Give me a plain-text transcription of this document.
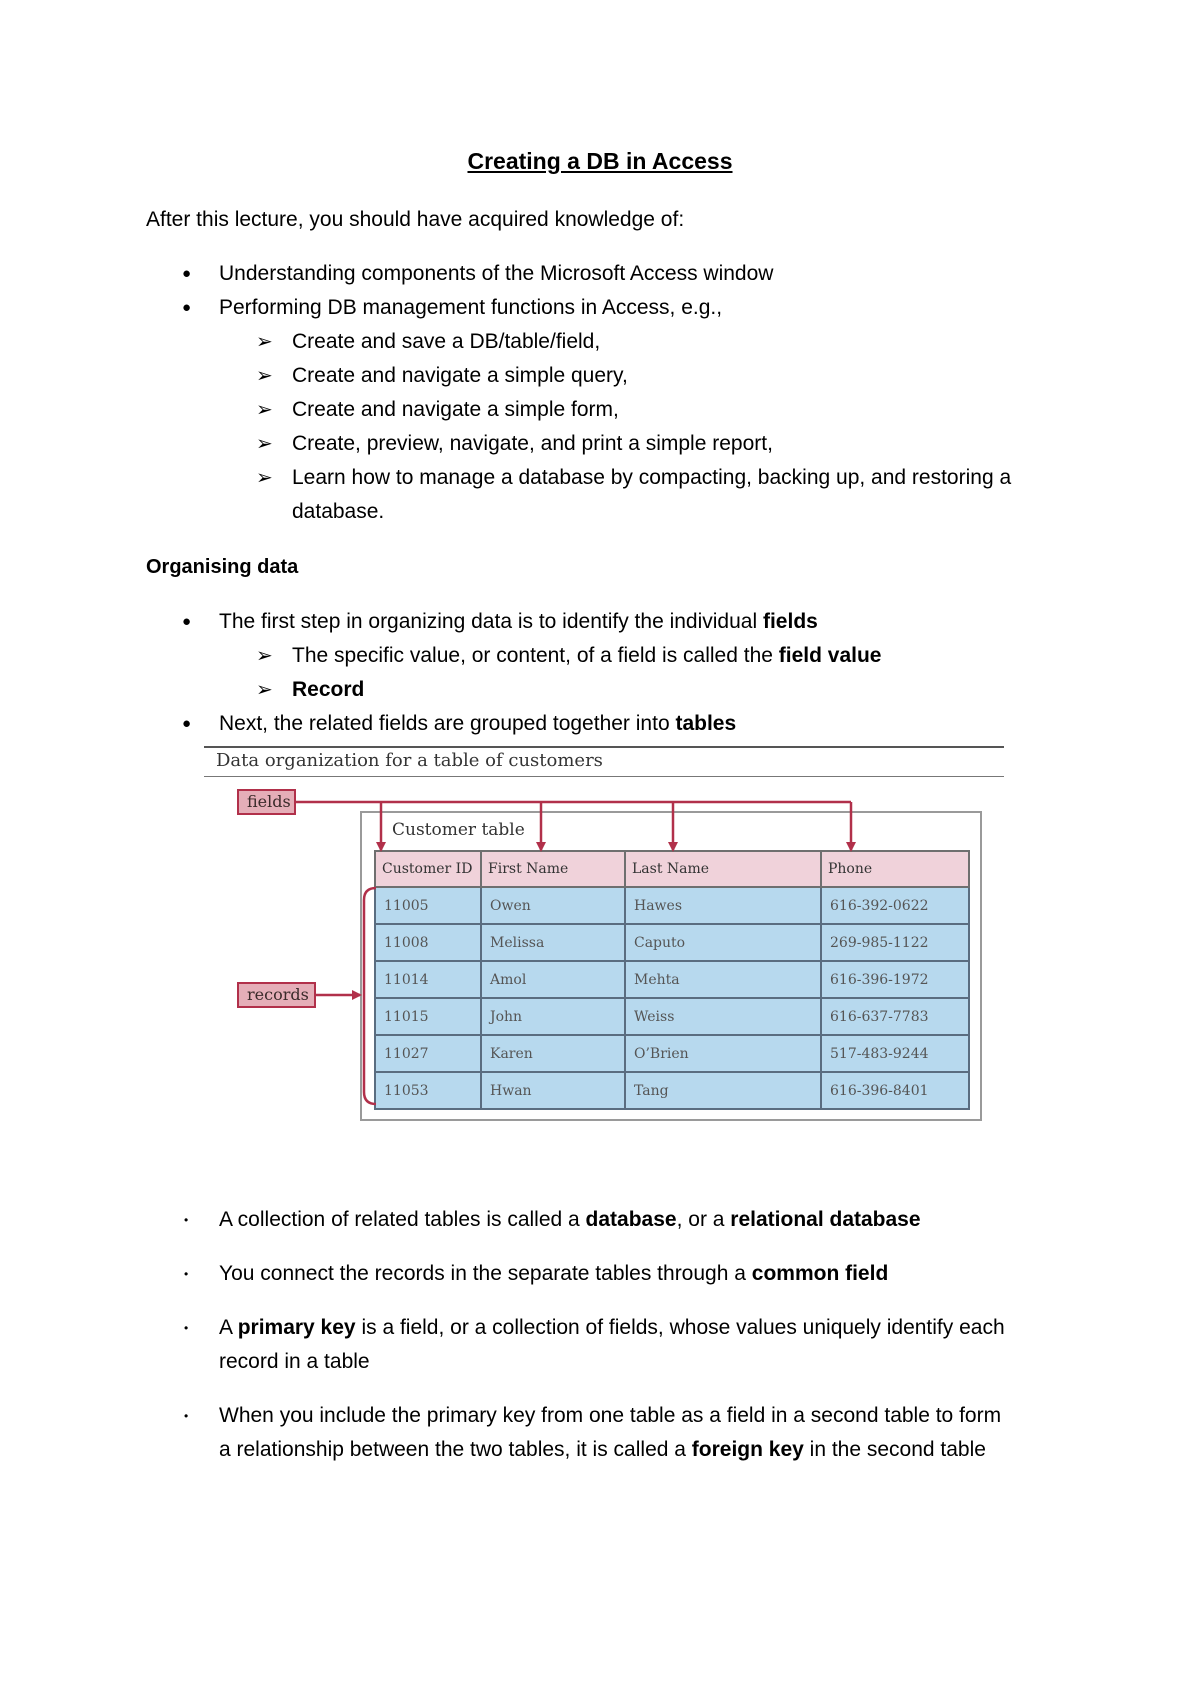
Creating a DB in Access
After this lecture, you should have acquired knowledge of:
● Understanding components of the Microsoft Access window
● Performing DB management functions in Access, e.g.,
➢ Create and save a DB/table/field,
➢ Create and navigate a simple query,
➢ Create and navigate a simple form,
➢ Create, preview, navigate, and print a simple report,
➢ Learn how to manage a database by compacting, backing up, and restoring a
database.
Organising data
● The first step in organizing data is to identify the individual fields
➢ The specific value, or content, of a field is called the field value
➢ Record
● Next, the related fields are grouped together into tables
Data organization for a table of customers
fields
records
Customer table
Customer ID	First Name	Last Name	Phone
11005	Owen	Hawes	616-392-0622
11008	Melissa	Caputo	269-985-1122
11014	Amol	Mehta	616-396-1972
11015	John	Weiss	616-637-7783
11027	Karen	O’Brien	517-483-9244
11053	Hwan	Tang	616-396-8401
• A collection of related tables is called a database, or a relational database
• You connect the records in the separate tables through a common field
• A primary key is a field, or a collection of fields, whose values uniquely identify each
record in a table
• When you include the primary key from one table as a field in a second table to form
a relationship between the two tables, it is called a foreign key in the second table
